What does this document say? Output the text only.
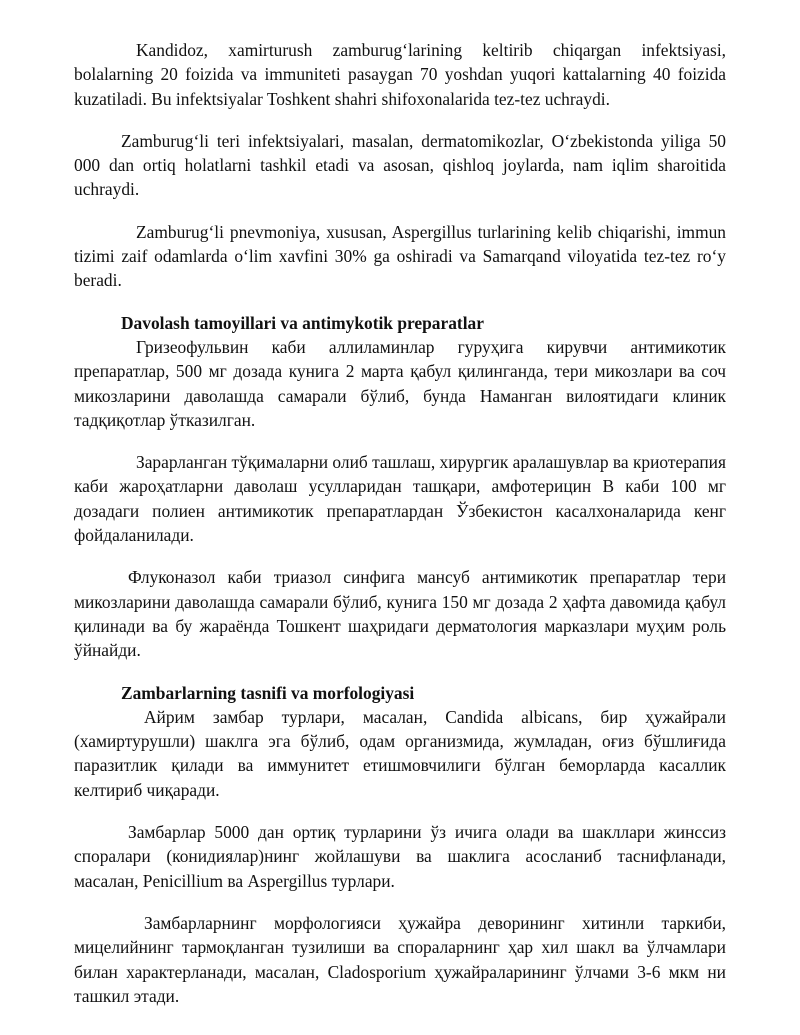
Kandidoz, xamirturush zamburug‘larining keltirib chiqargan infektsiyasi, bolalarning 20 foizida va immuniteti pasaygan 70 yoshdan yuqori kattalarning 40 foizida kuzatiladi. Bu infektsiyalar Toshkent shahri shifoxonalarida tez-tez uchraydi.

Zamburug‘li teri infektsiyalari, masalan, dermatomikozlar, O‘zbekistonda yiliga 50 000 dan ortiq holatlarni tashkil etadi va asosan, qishloq joylarda, nam iqlim sharoitida uchraydi.

Zamburug‘li pnevmoniya, xususan, Aspergillus turlarining kelib chiqarishi, immun tizimi zaif odamlarda o‘lim xavfini 30% ga oshiradi va Samarqand viloyatida tez-tez ro‘y beradi.

Davolash tamoyillari va antimykotik preparatlar

Гризеофульвин каби аллиламинлар гуруҳига кирувчи антимикотик препаратлар, 500 мг дозада кунига 2 марта қабул қилинганда, тери микозлари ва соч микозларини даволашда самарали бўлиб, бунда Наманган вилоятидаги клиник тадқиқотлар ўтказилган.

Зарарланган тўқималарни олиб ташлаш, хирургик аралашувлар ва криотерапия каби жароҳатларни даволаш усулларидан ташқари, амфотерицин В каби 100 мг дозадаги полиен антимикотик препаратлардан Ўзбекистон касалхоналарида кенг фойдаланилади.

Флуконазол каби триазол синфига мансуб антимикотик препаратлар тери микозларини даволашда самарали бўлиб, кунига 150 мг дозада 2 ҳафта давомида қабул қилинади ва бу жараёнда Тошкент шаҳридаги дерматология марказлари муҳим роль ўйнайди.

Zambarlarning tasnifi va morfologiyasi

Айрим замбар турлари, масалан, Candida albicans, бир ҳужайрали (хамиртурушли) шаклга эга бўлиб, одам организмида, жумладан, оғиз бўшлиғида паразитлик қилади ва иммунитет етишмовчилиги бўлган беморларда касаллик келтириб чиқаради.

Замбарлар 5000 дан ортиқ турларини ўз ичига олади ва шакллари жинссиз споралари (конидиялар)нинг жойлашуви ва шаклига асосланиб таснифланади, масалан, Penicillium ва Aspergillus турлари.

Замбарларнинг морфологияси ҳужайра деворининг хитинли таркиби, мицелийнинг тармоқланган тузилиши ва спораларнинг ҳар хил шакл ва ўлчамлари билан характерланади, масалан, Cladosporium ҳужайраларининг ўлчами 3-6 мкм ни ташкил этади.
